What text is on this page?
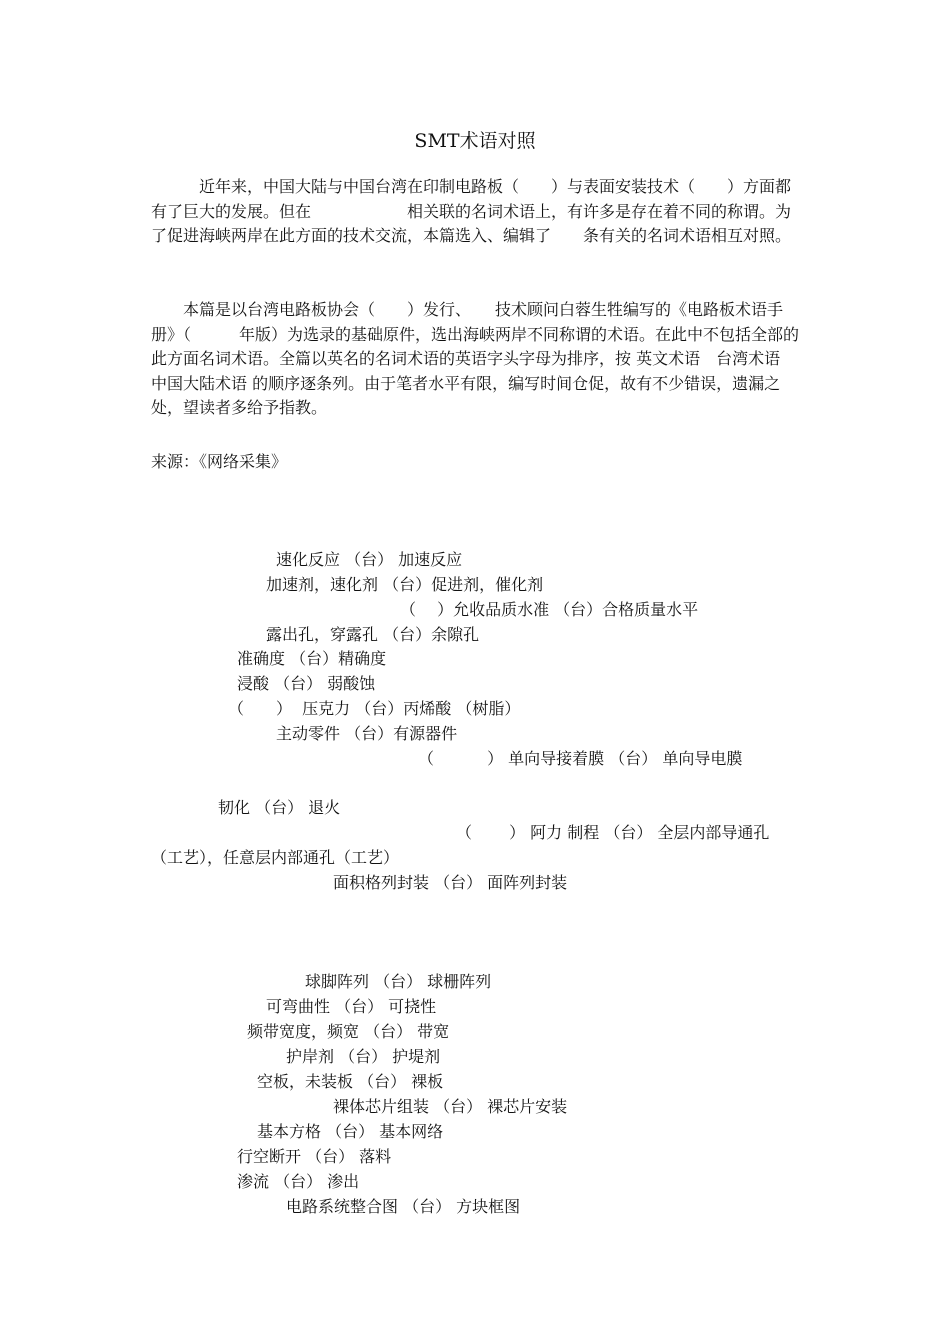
SMT术语对照

　　　近年来，中国大陆与中国台湾在印制电路板（　　）与表面安装技术（　　）方面都有了巨大的发展。但在　　　　　　相关联的名词术语上，有许多是存在着不同的称谓。为了促进海峡两岸在此方面的技术交流，本篇选入、编辑了　　条有关的名词术语相互对照。

　　本篇是以台湾电路板协会（　　）发行、　　技术顾问白蓉生牲编写的《电路板术语手册》（　　　年版）为选录的基础原件，选出海峡两岸不同称谓的术语。在此中不包括全部的此方面名词术语。全篇以英名的名词术语的英语字头字母为排序，按 英文术语　台湾术语　中国大陆术语 的顺序逐条列。由于笔者水平有限，编写时间仓促，故有不少错误，遗漏之处，望读者多给予指教。

来源：《网络采集》
速化反应 （台） 加速反应
加速剂，速化剂 （台）促进剂，催化剂
（　 ）允收品质水准 （台）合格质量水平
露出孔，穿露孔 （台）余隙孔
准确度 （台）精确度
浸酸 （台） 弱酸蚀
（　　）  压克力 （台）丙烯酸 （树脂）
主动零件 （台）有源器件
（　　　 ） 单向导接着膜 （台） 单向导电膜
韧化 （台） 退火
（　　 ） 阿力 制程 （台） 全层内部导通孔（工艺），任意层内部通孔（工艺）
面积格列封装 （台） 面阵列封装
球脚阵列 （台） 球栅阵列
可弯曲性 （台） 可挠性
频带宽度，频宽 （台） 带宽
护岸剂 （台） 护堤剂
空板，未装板 （台） 裸板
裸体芯片组装 （台） 裸芯片安装
基本方格 （台） 基本网络
行空断开 （台） 落料
渗流 （台） 渗出
电路系统整合图 （台） 方块框图
